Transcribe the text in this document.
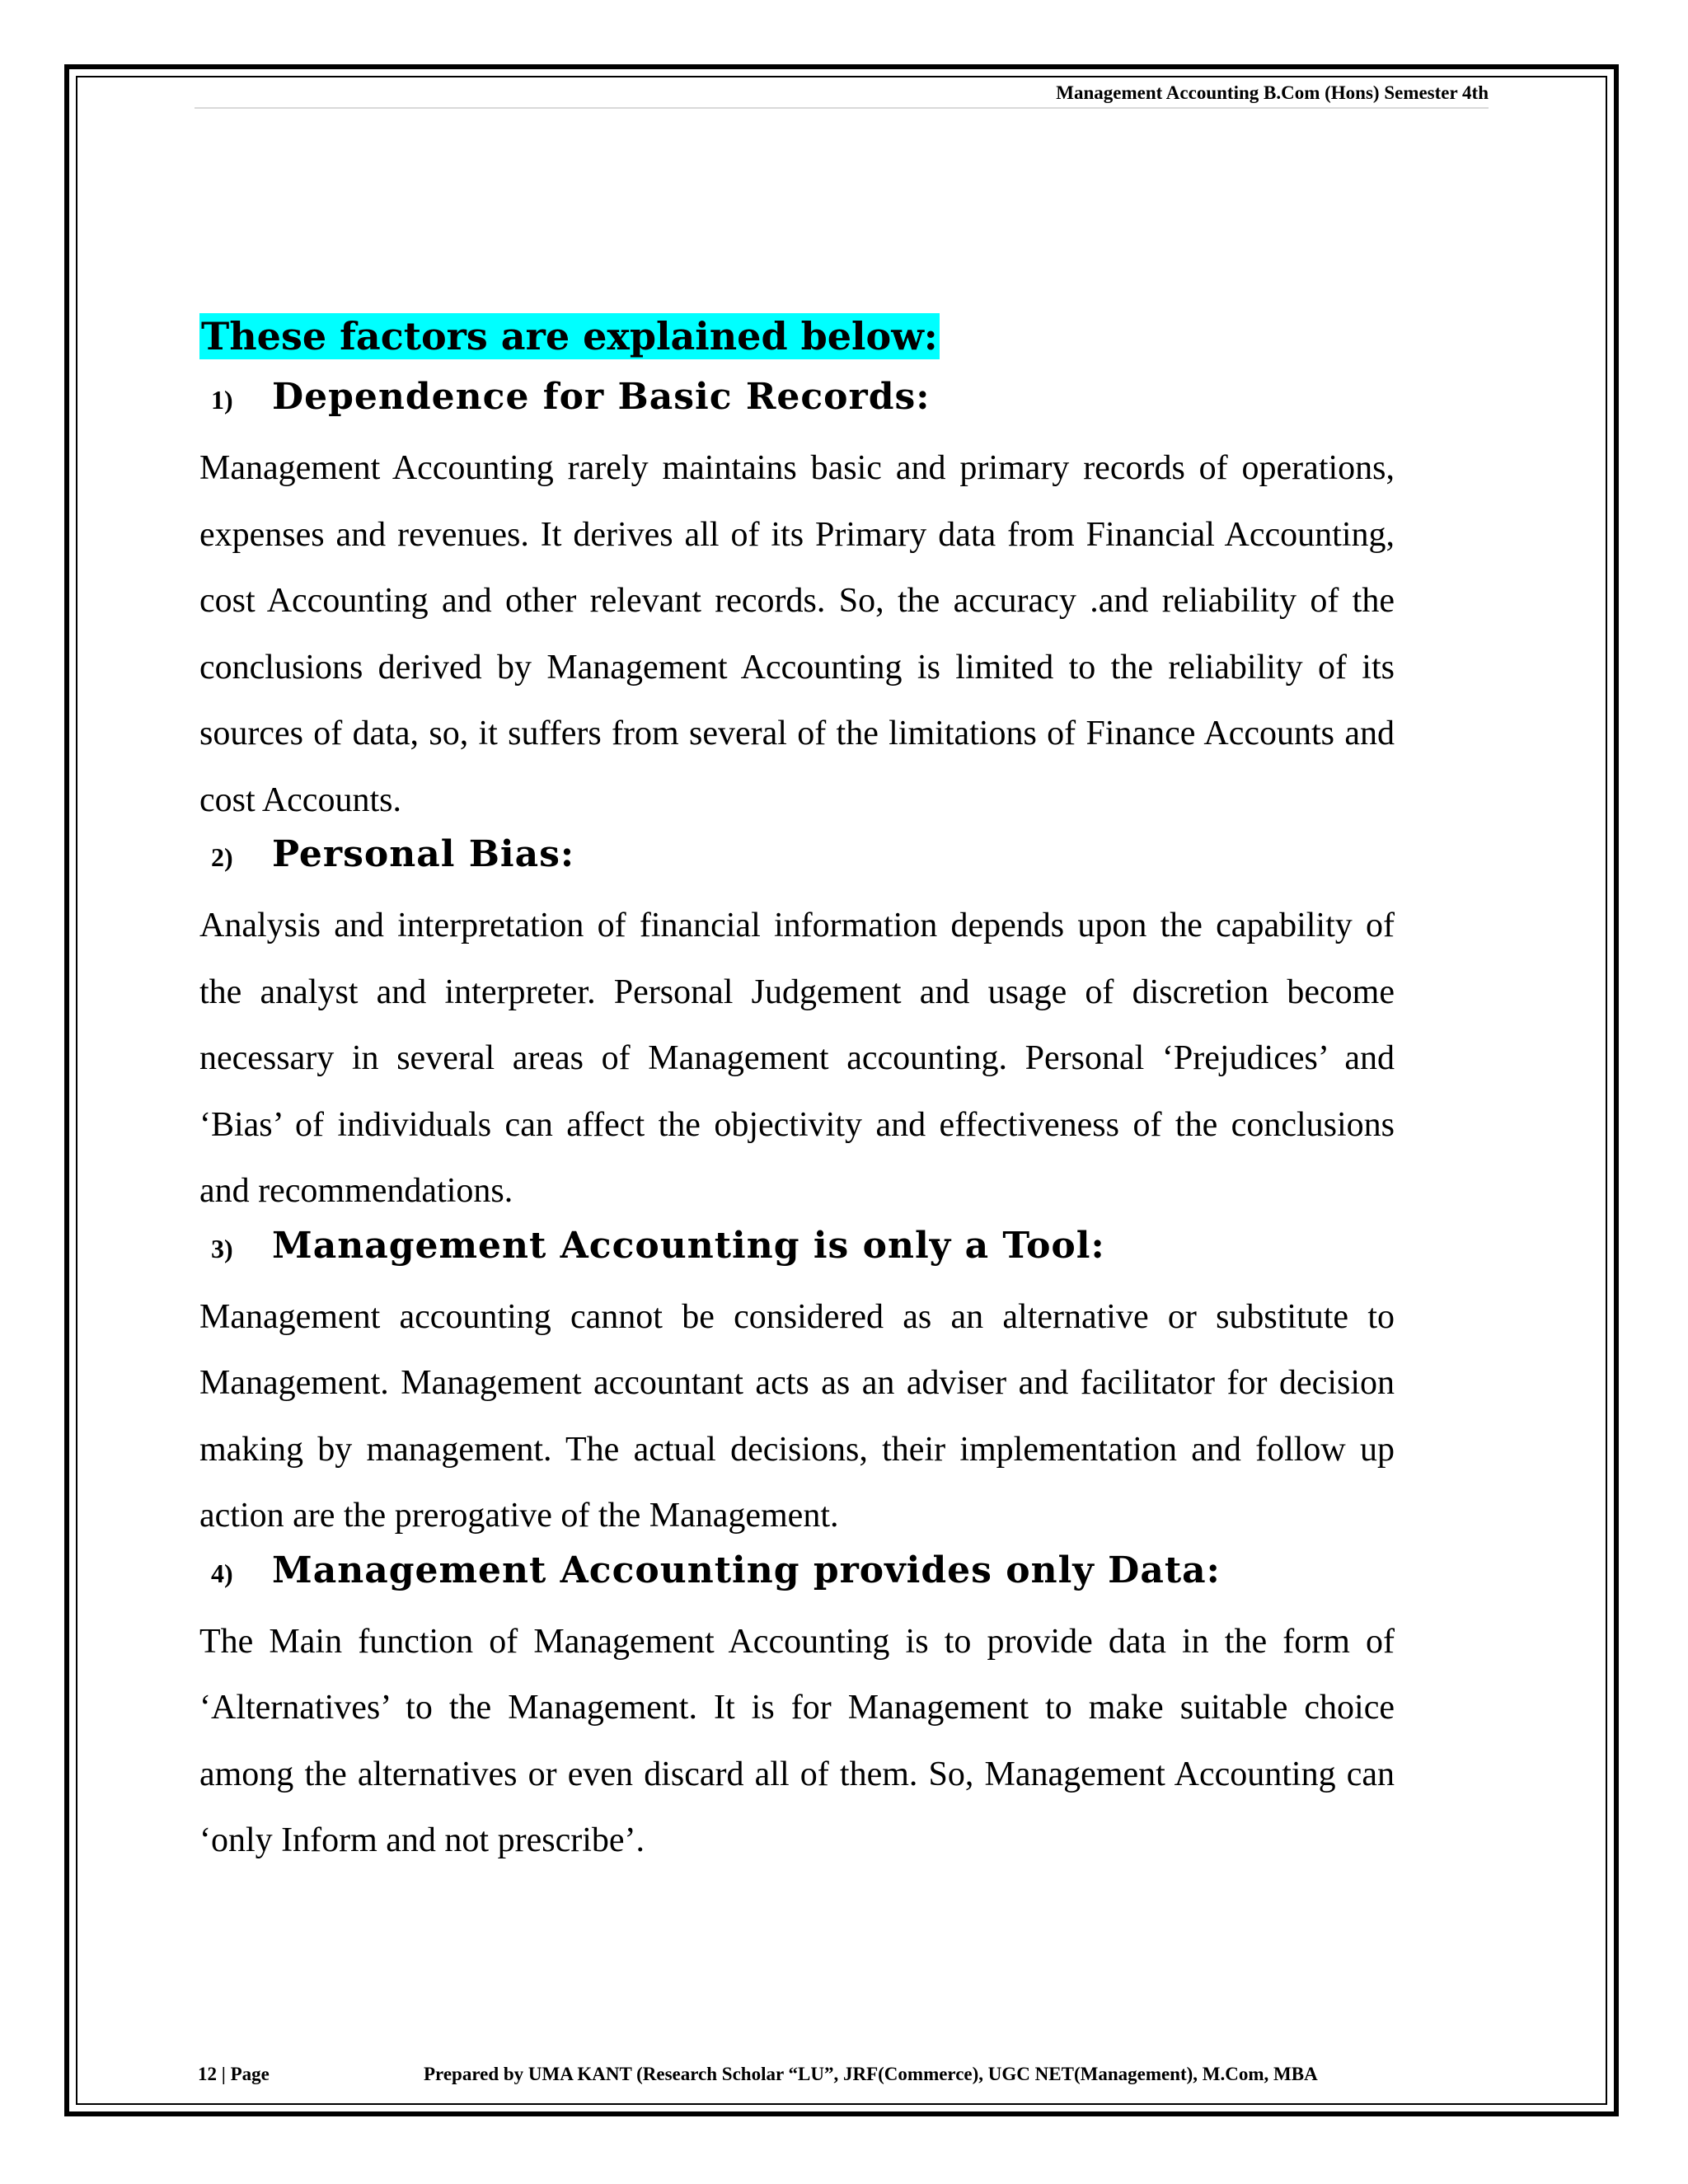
Management Accounting B.Com (Hons) Semester 4th
These factors are explained below:
1)	Dependence for Basic Records:

Management Accounting rarely maintains basic and primary records of operations, expenses and revenues. It derives all of its Primary data from Financial Accounting, cost Accounting and other relevant records. So, the accuracy .and reliability of the conclusions derived by Management Accounting is limited to the reliability of its sources of data, so, it suffers from several of the limitations of Finance Accounts and cost Accounts.

2)	Personal Bias:

Analysis and interpretation of financial information depends upon the capability of the analyst and interpreter. Personal Judgement and usage of discretion become necessary in several areas of Management accounting. Personal ‘Prejudices’ and ‘Bias’ of individuals can affect the objectivity and effectiveness of the conclusions and recommendations.

3)	Management Accounting is only a Tool:

Management accounting cannot be considered as an alternative or substitute to Management. Management accountant acts as an adviser and facilitator for decision making by management. The actual decisions, their implementation and follow up action are the prerogative of the Management.

4)	Management Accounting provides only Data:

The Main function of Management Accounting is to provide data in the form of ‘Alternatives’ to the Management. It is for Management to make suitable choice among the alternatives or even discard all of them. So, Management Accounting can ‘only Inform and not prescribe’.

12 | Page	Prepared by UMA KANT (Research Scholar “LU”, JRF(Commerce), UGC NET(Management), M.Com, MBA
